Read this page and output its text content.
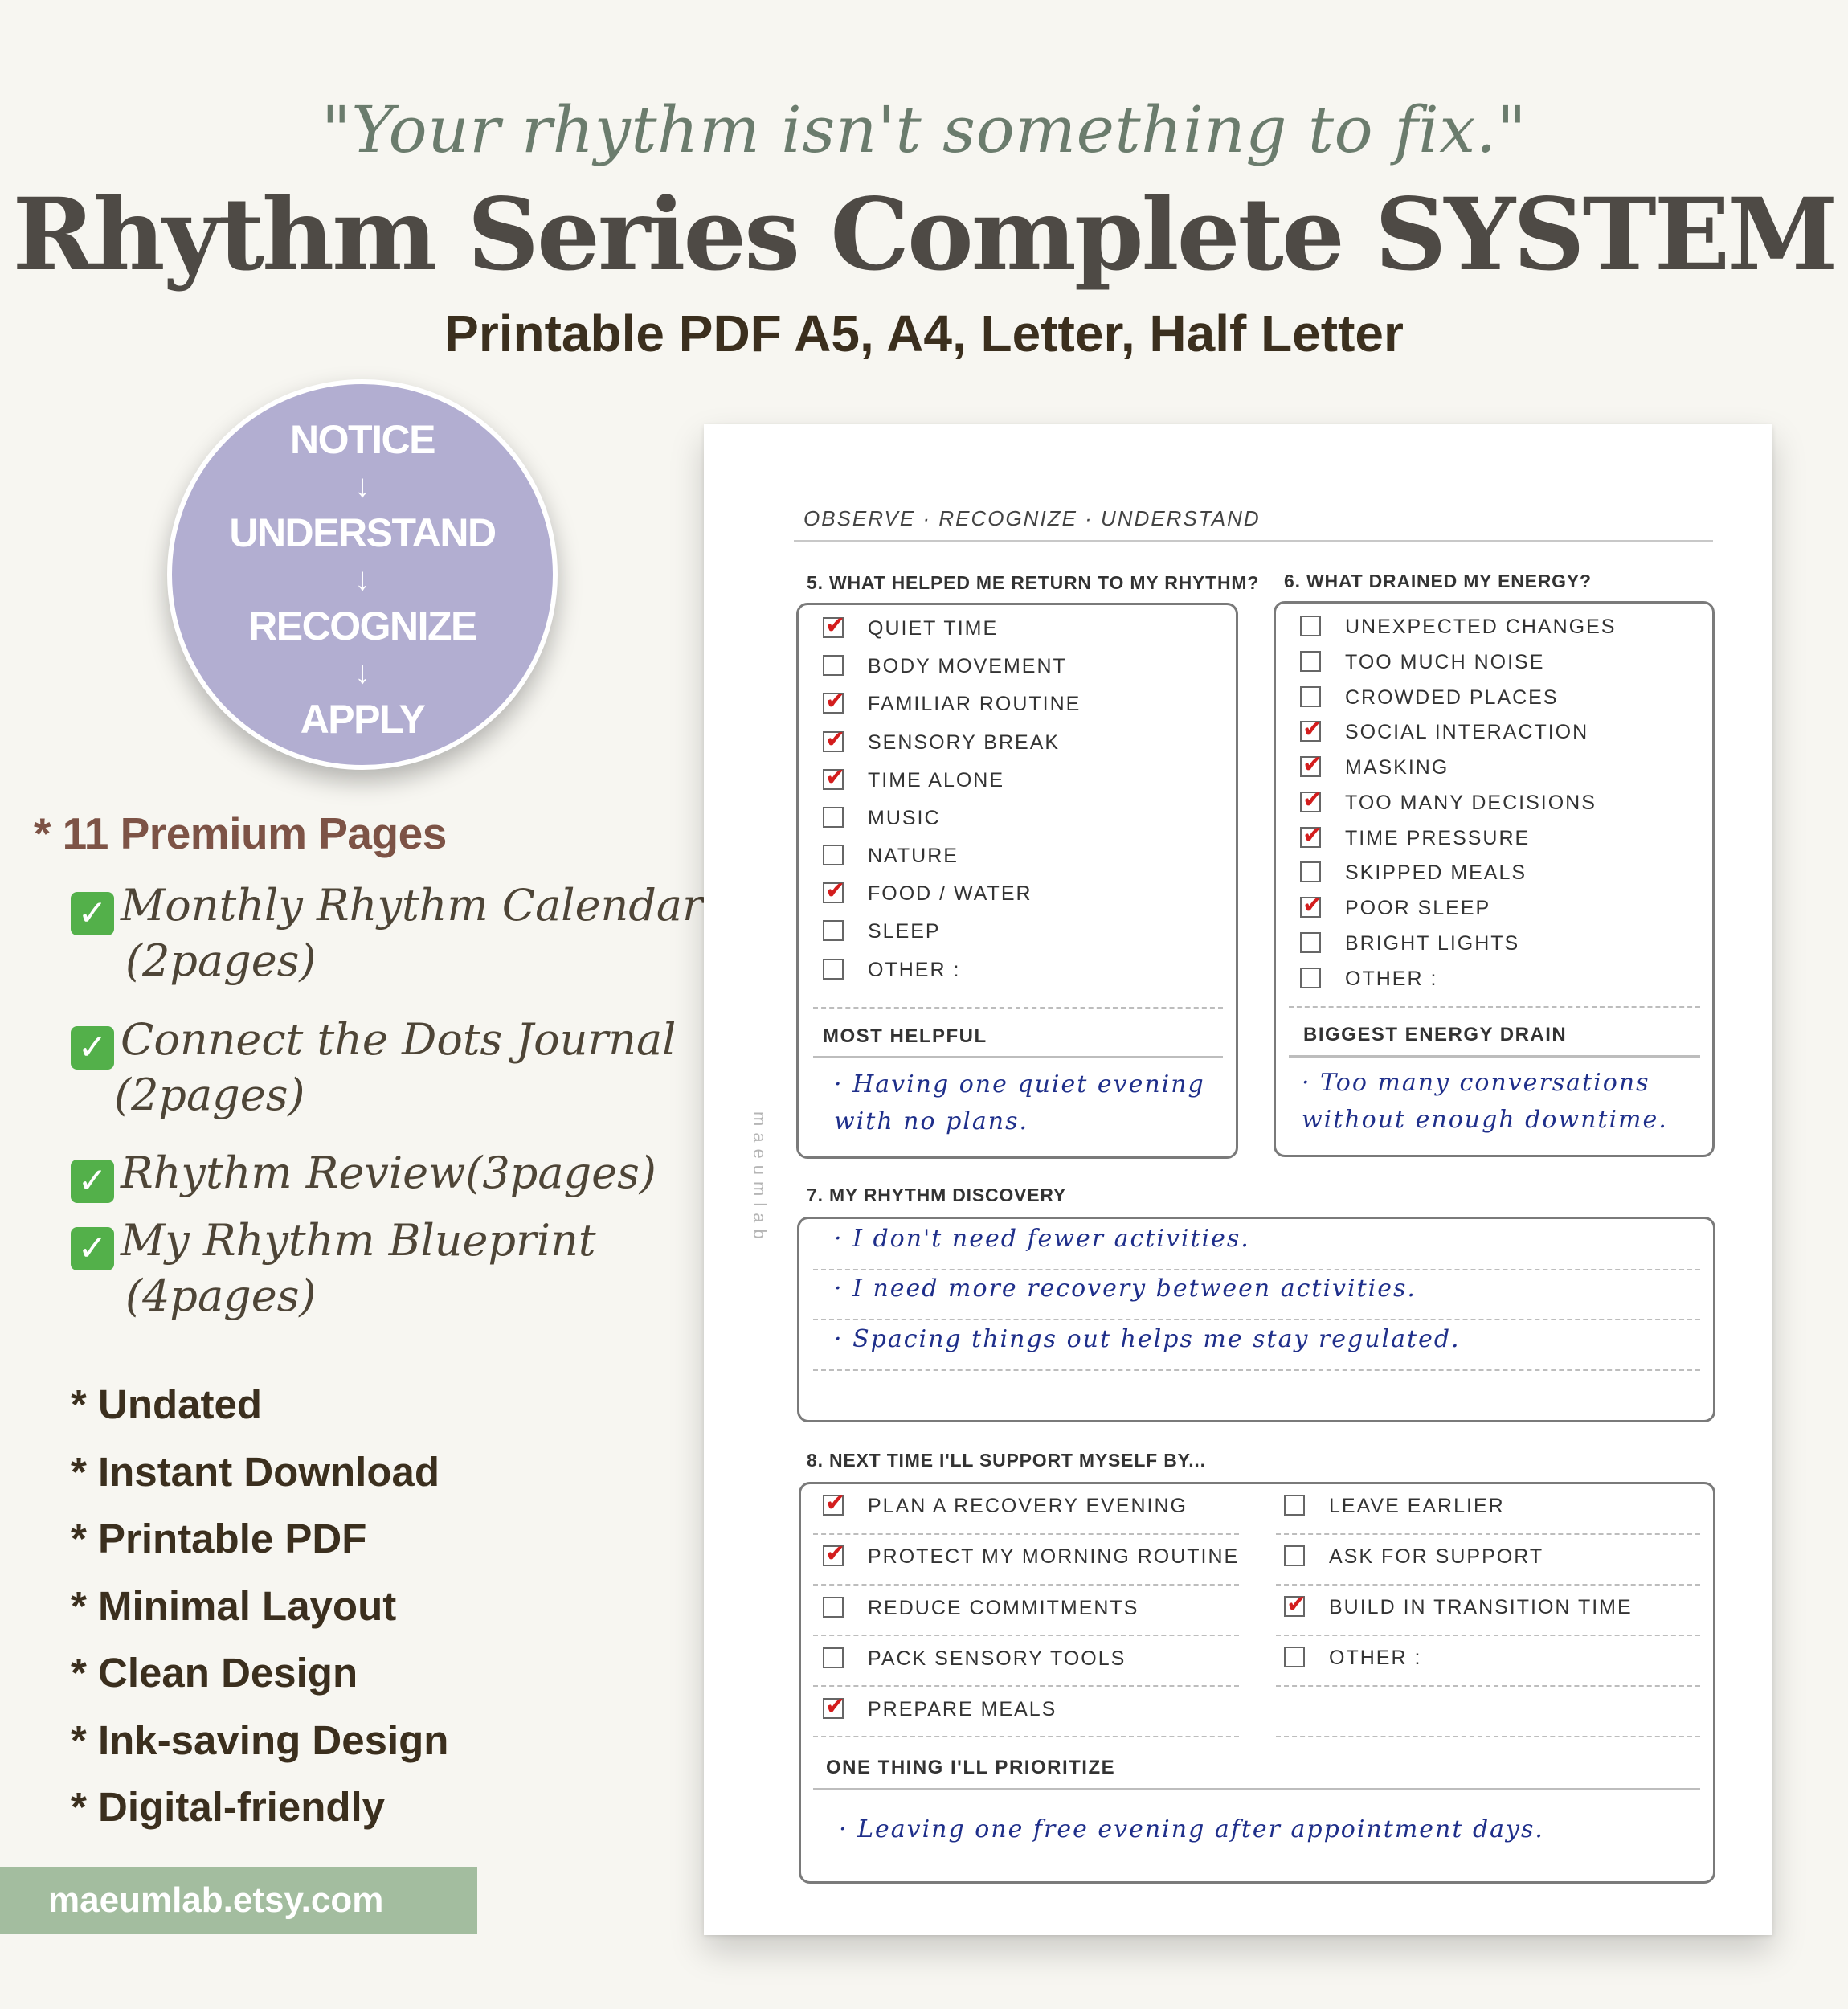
"Your rhythm isn't something to fix."
Rhythm Series Complete SYSTEM
Printable PDF A5, A4, Letter, Half Letter
NOTICE
↓
UNDERSTAND
↓
RECOGNIZE
↓
APPLY
* 11 Premium Pages
✓ Monthly Rhythm Calendar
(2pages)
✓ Connect the Dots Journal
(2pages)
✓ Rhythm Review(3pages)
✓ My Rhythm Blueprint
(4pages)
* Undated
* Instant Download
* Printable PDF
* Minimal Layout
* Clean Design
* Ink-saving Design
* Digital-friendly
maeumlab.etsy.com
OBSERVE · RECOGNIZE · UNDERSTAND
maeumlab
5. WHAT HELPED ME RETURN TO MY RHYTHM?
✔QUIET TIME
BODY MOVEMENT
✔FAMILIAR ROUTINE
✔SENSORY BREAK
✔TIME ALONE
MUSIC
NATURE
✔FOOD / WATER
SLEEP
OTHER :
MOST HELPFUL
· Having one quiet evening
with no plans.
6. WHAT DRAINED MY ENERGY?
UNEXPECTED CHANGES
TOO MUCH NOISE
CROWDED PLACES
✔SOCIAL INTERACTION
✔MASKING
✔TOO MANY DECISIONS
✔TIME PRESSURE
SKIPPED MEALS
✔POOR SLEEP
BRIGHT LIGHTS
OTHER :
BIGGEST ENERGY DRAIN
· Too many conversations
without enough downtime.
7. MY RHYTHM DISCOVERY
· I don't need fewer activities.
· I need more recovery between activities.
· Spacing things out helps me stay regulated.
8. NEXT TIME I'LL SUPPORT MYSELF BY...
✔PLAN A RECOVERY EVENING
✔PROTECT MY MORNING ROUTINE
REDUCE COMMITMENTS
PACK SENSORY TOOLS
✔PREPARE MEALS
LEAVE EARLIER
ASK FOR SUPPORT
✔BUILD IN TRANSITION TIME
OTHER :
ONE THING I'LL PRIORITIZE
· Leaving one free evening after appointment days.
